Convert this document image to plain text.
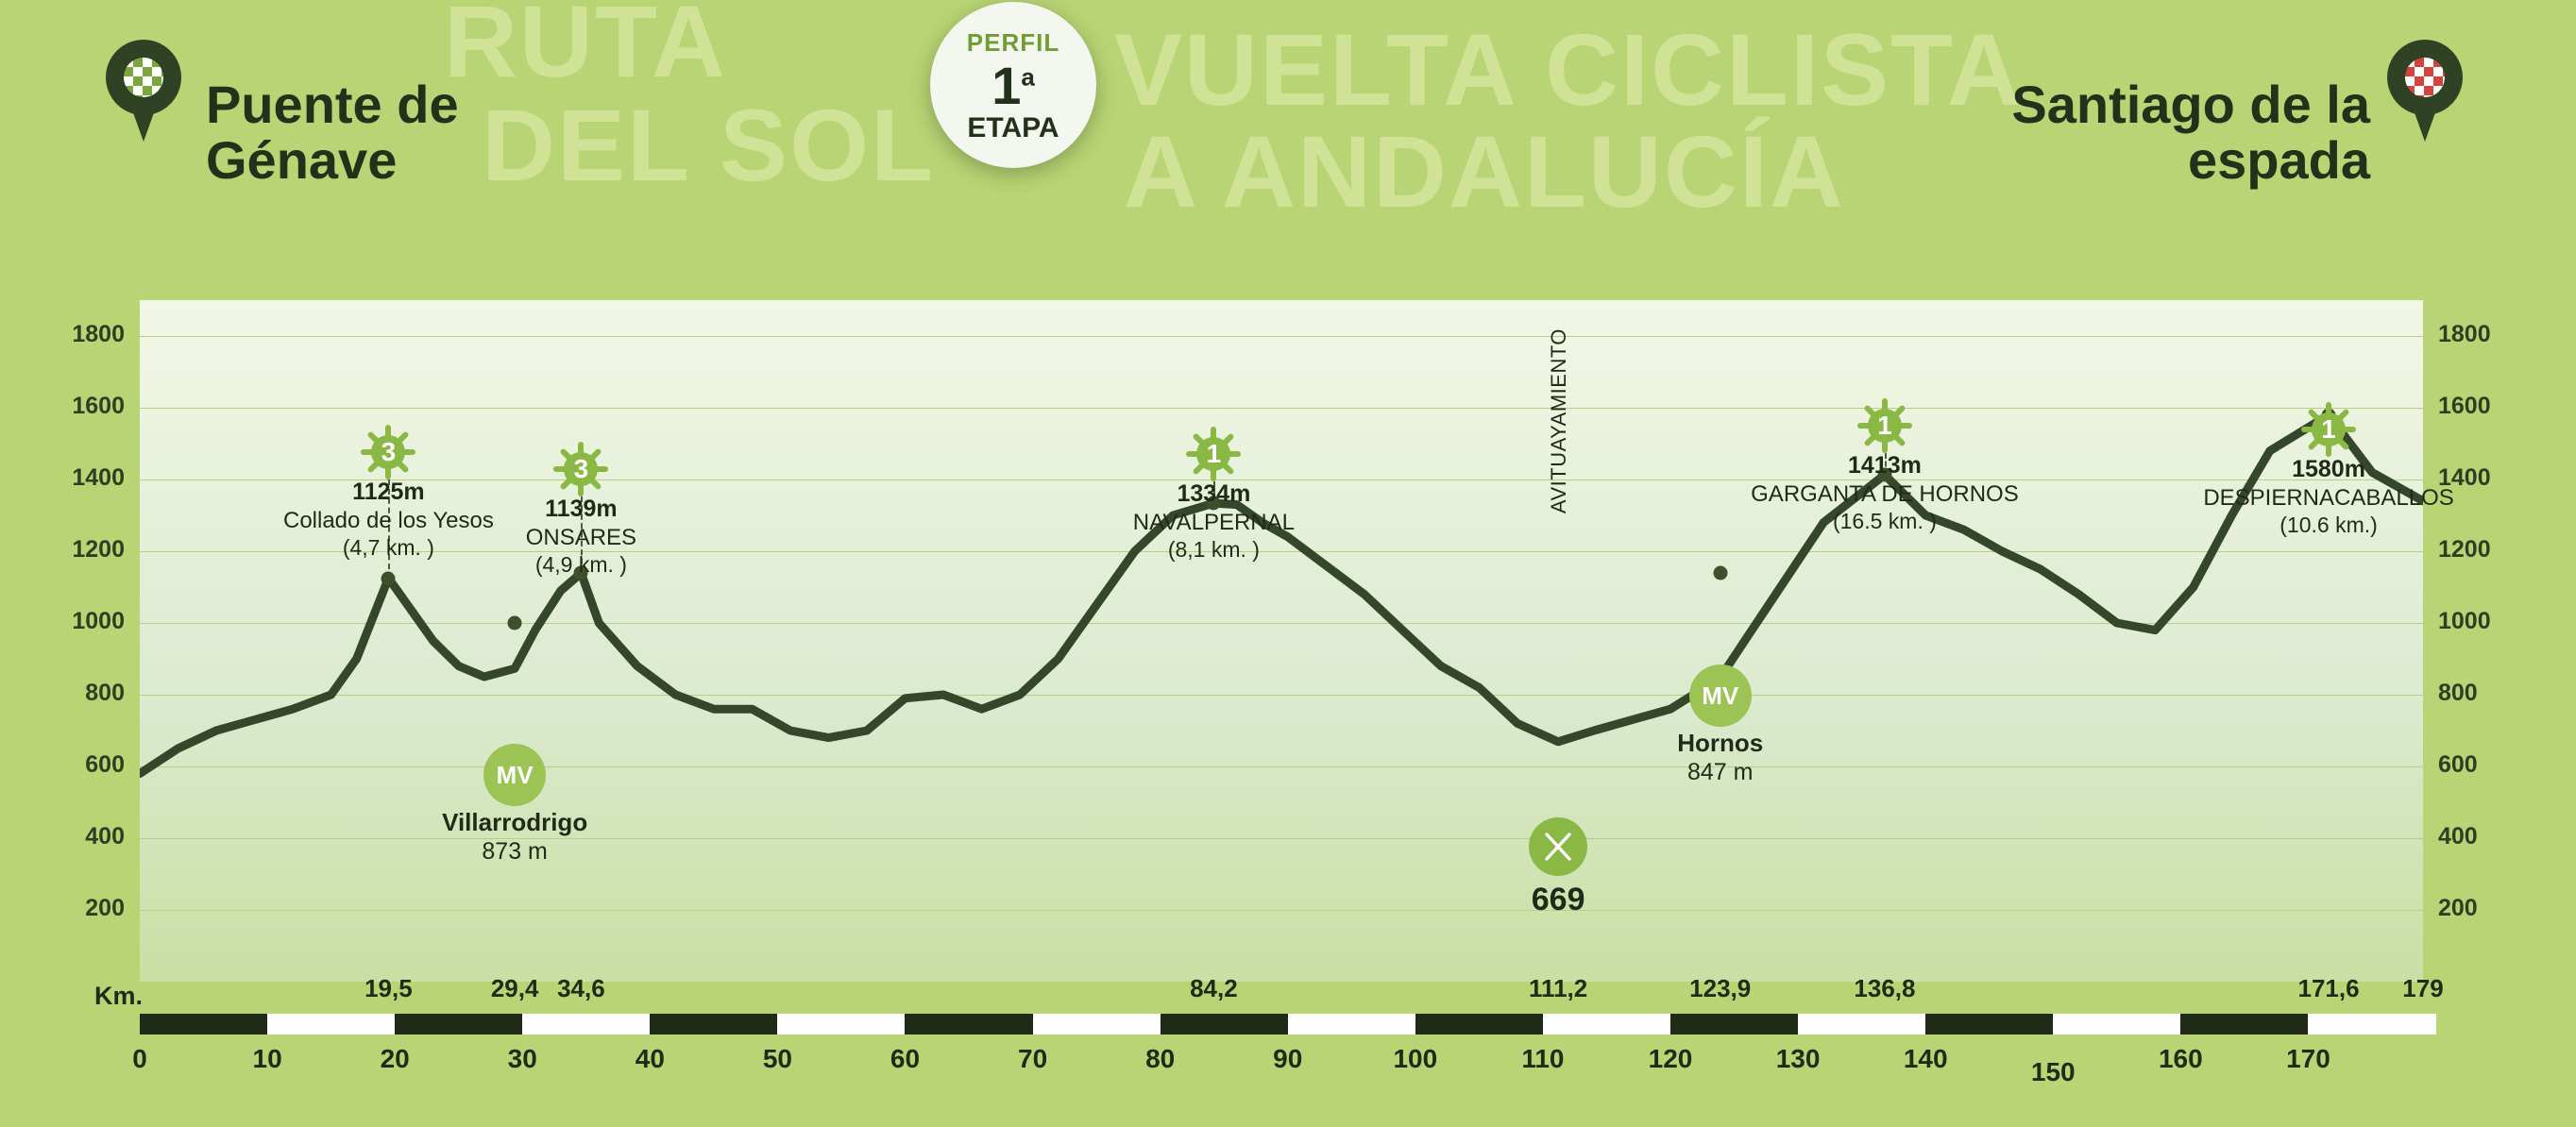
RUTA
DEL SOL
VUELTA CICLISTA
A ANDALUCÍA
Puente de Génave
Santiago de la espada
PERFIL
1$^a$
ETAPA
3
1125m
Collado de los Yesos
(4,7 km. )
3
1139m
ONSARES
(4,9 km. )
1
1334m
NAVALPERNAL
(8,1 km. )
1
1413m
GARGANTA DE HORNOS
(16.5 km. )
1
1580m
DESPIERNACABALLOS
(10.6 km.)
MV
Villarrodrigo
873 m
MV
Hornos
847 m
669
AVITUAYAMIENTO
200	200
400	400
600	600
800	800
1000	1000
1200	1200
1400	1400
1600	1600
1800	1800
Km.	19,5	29,4 34,6	84,2	111,2	123,9	136,8	171,6 179
0	10	20	30	40	50	60	70	80	90	100	110	120	130	140	150	160	170
